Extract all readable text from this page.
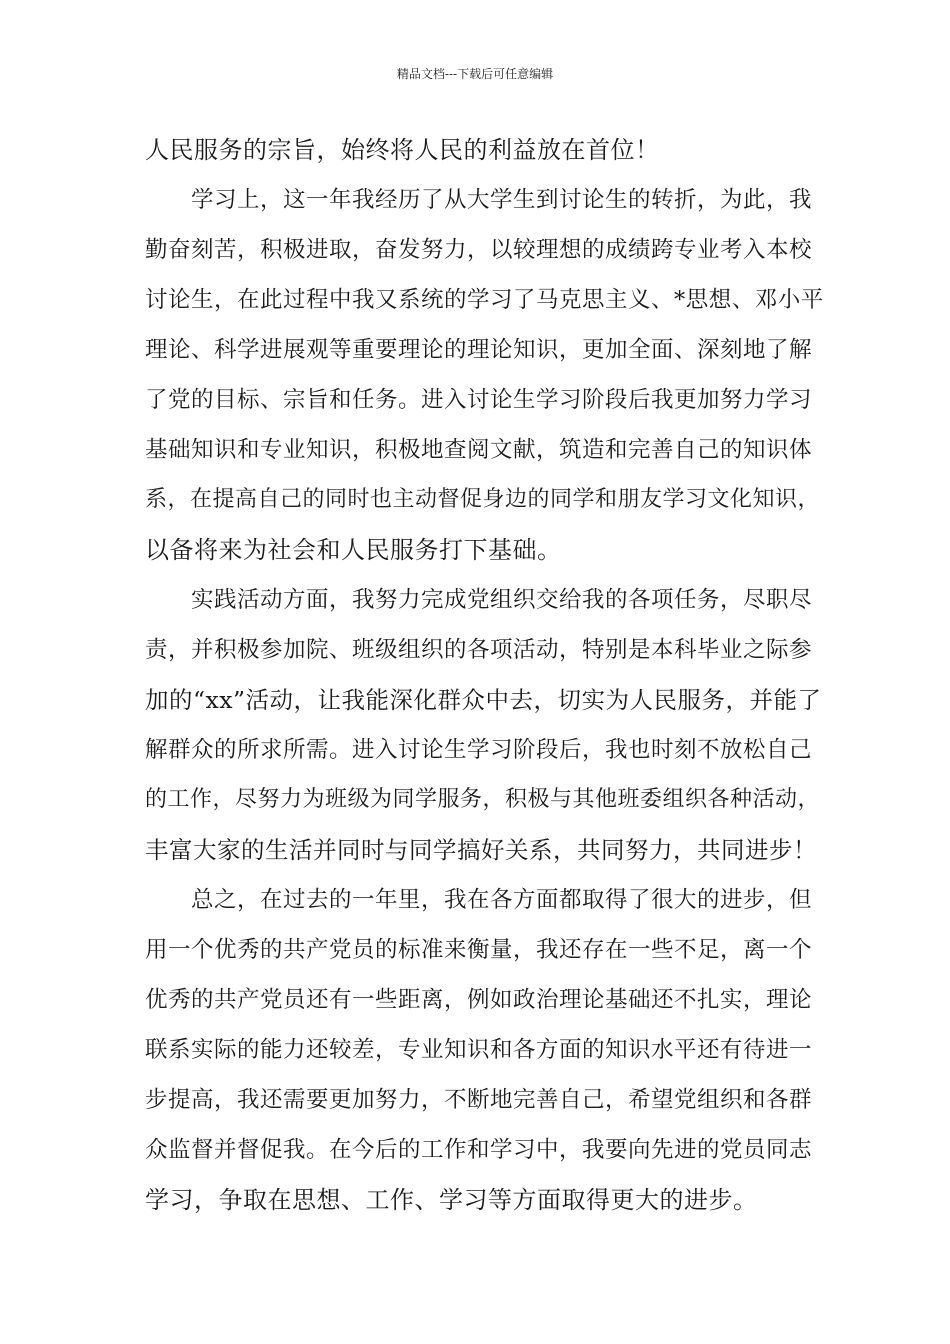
精品文档---下载后可任意编辑
人民服务的宗旨，始终将人民的利益放在首位！
　　学习上，这一年我经历了从大学生到讨论生的转折，为此，我
勤奋刻苦，积极进取，奋发努力，以较理想的成绩跨专业考入本校
讨论生，在此过程中我又系统的学习了马克思主义、*思想、邓小平
理论、科学进展观等重要理论的理论知识，更加全面、深刻地了解
了党的目标、宗旨和任务。进入讨论生学习阶段后我更加努力学习
基础知识和专业知识，积极地查阅文献，筑造和完善自己的知识体
系，在提高自己的同时也主动督促身边的同学和朋友学习文化知识，
以备将来为社会和人民服务打下基础。
　　实践活动方面，我努力完成党组织交给我的各项任务，尽职尽
责，并积极参加院、班级组织的各项活动，特别是本科毕业之际参
加的“xx”活动，让我能深化群众中去，切实为人民服务，并能了
解群众的所求所需。进入讨论生学习阶段后，我也时刻不放松自己
的工作，尽努力为班级为同学服务，积极与其他班委组织各种活动，
丰富大家的生活并同时与同学搞好关系，共同努力，共同进步！
　　总之，在过去的一年里，我在各方面都取得了很大的进步，但
用一个优秀的共产党员的标准来衡量，我还存在一些不足，离一个
优秀的共产党员还有一些距离，例如政治理论基础还不扎实，理论
联系实际的能力还较差，专业知识和各方面的知识水平还有待进一
步提高，我还需要更加努力，不断地完善自己，希望党组织和各群
众监督并督促我。在今后的工作和学习中，我要向先进的党员同志
学习，争取在思想、工作、学习等方面取得更大的进步。
